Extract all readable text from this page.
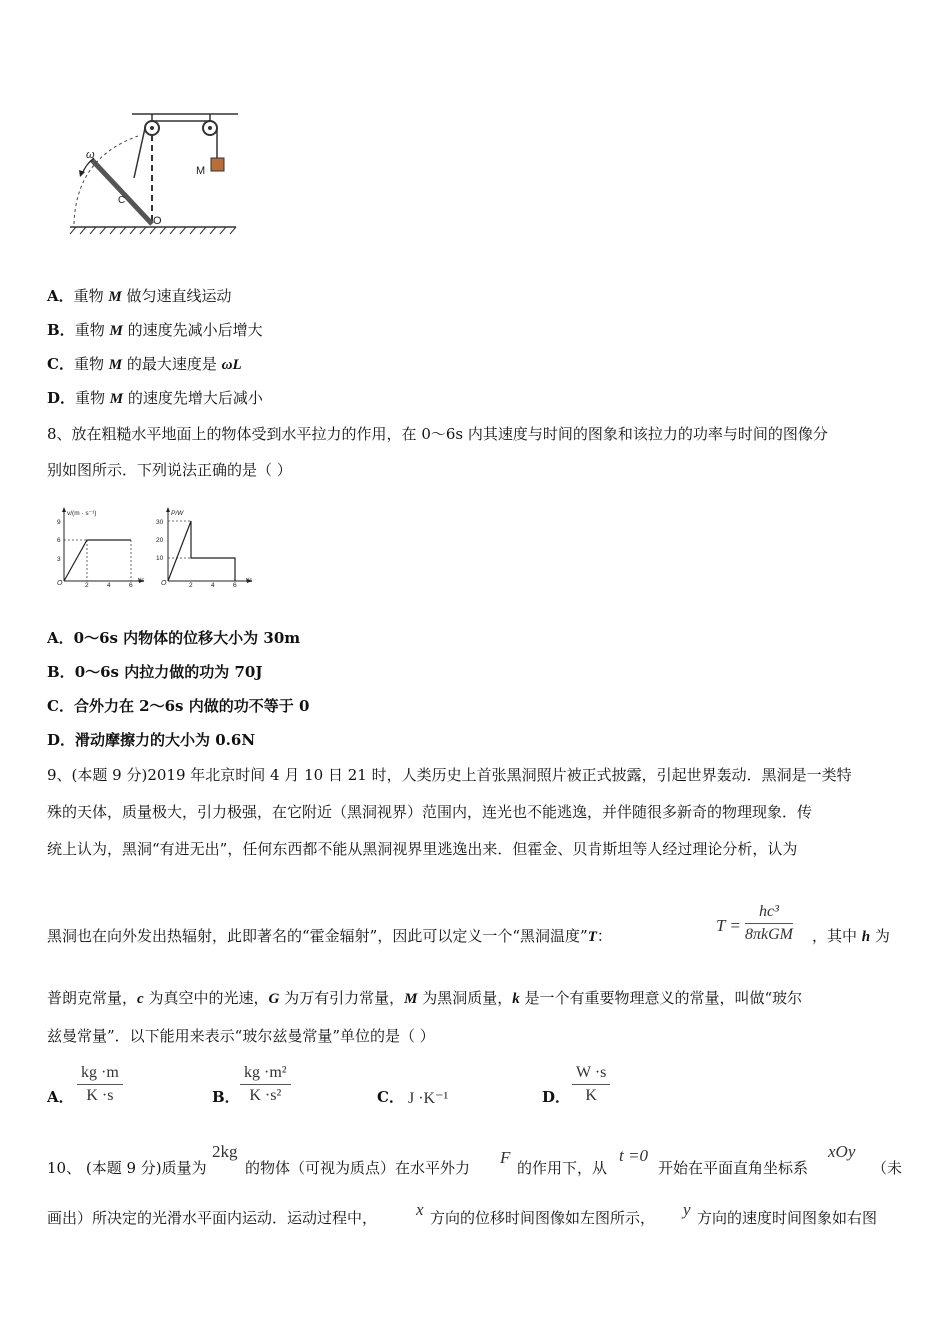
M
ω
C
O
A．重物 M 做匀速直线运动
B．重物 M 的速度先减小后增大
C．重物 M 的最大速度是 ωL
D．重物 M 的速度先增大后减小
8、放在粗糙水平地面上的物体受到水平拉力的作用，在 0～6s 内其速度与时间的图象和该拉力的功率与时间的图像分
别如图所示．下列说法正确的是（ ）
v/(m · s⁻¹)
t/s
O
9
6
3
2	4	6
P/W
t/s
O
30
20
10
2	4	6
A．0～6s 内物体的位移大小为 30m
B．0～6s 内拉力做的功为 70J
C．合外力在 2～6s 内做的功不等于 0
D．滑动摩擦力的大小为 0.6N
9、(本题 9 分)2019 年北京时间 4 月 10 日 21 时，人类历史上首张黑洞照片被正式披露，引起世界轰动．黑洞是一类特
殊的天体，质量极大，引力极强，在它附近（黑洞视界）范围内，连光也不能逃逸，并伴随很多新奇的物理现象．传
统上认为，黑洞“有进无出”，任何东西都不能从黑洞视界里逃逸出来．但霍金、贝肯斯坦等人经过理论分析，认为
黑洞也在向外发出热辐射，此即著名的“霍金辐射”，因此可以定义一个“黑洞温度”T：
T =
hc³
8πkGM ，其中 h 为
普朗克常量，c 为真空中的光速，G 为万有引力常量，M 为黑洞质量，k 是一个有重要物理意义的常量，叫做“玻尔
兹曼常量”．以下能用来表示“玻尔兹曼常量”单位的是（ ）
A． $\frac{kg \cdot m}{K \cdot s}$	B． $\frac{\text{kg ·m²}}{\text{K ·s²}}$	C． J ·K⁻¹	D． $\frac{W \cdot s}{K}$
10、 (本题 9 分)质量为
2kg
的物体（可视为质点）在水平外力
F
的作用下，从
t =0
开始在平面直角坐标系
xOy
（未
画出）所决定的光滑水平面内运动．运动过程中， x 方向的位移时间图像如左图所示， y 方向的速度时间图象如右图
